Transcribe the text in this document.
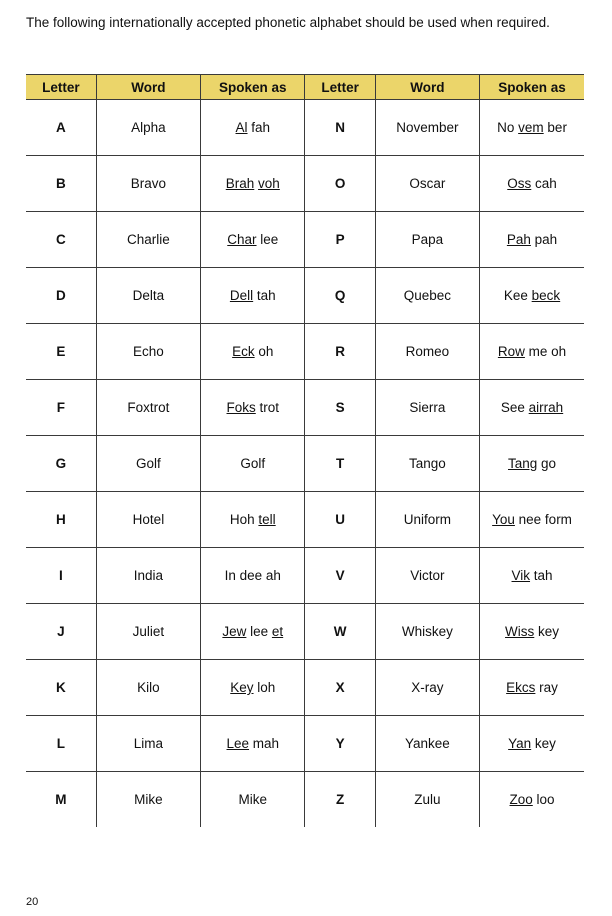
The following internationally accepted phonetic alphabet should be used when required.

Letter	Word	Spoken as	Letter	Word	Spoken as
A	Alpha	Al fah	N	November	No vem ber
B	Bravo	Brah voh	O	Oscar	Oss cah
C	Charlie	Char lee	P	Papa	Pah pah
D	Delta	Dell tah	Q	Quebec	Kee beck
E	Echo	Eck oh	R	Romeo	Row me oh
F	Foxtrot	Foks trot	S	Sierra	See airrah
G	Golf	Golf	T	Tango	Tang go
H	Hotel	Hoh tell	U	Uniform	You nee form
I	India	In dee ah	V	Victor	Vik tah
J	Juliet	Jew lee et	W	Whiskey	Wiss key
K	Kilo	Key loh	X	X-ray	Ekcs ray
L	Lima	Lee mah	Y	Yankee	Yan key
M	Mike	Mike	Z	Zulu	Zoo loo
20
